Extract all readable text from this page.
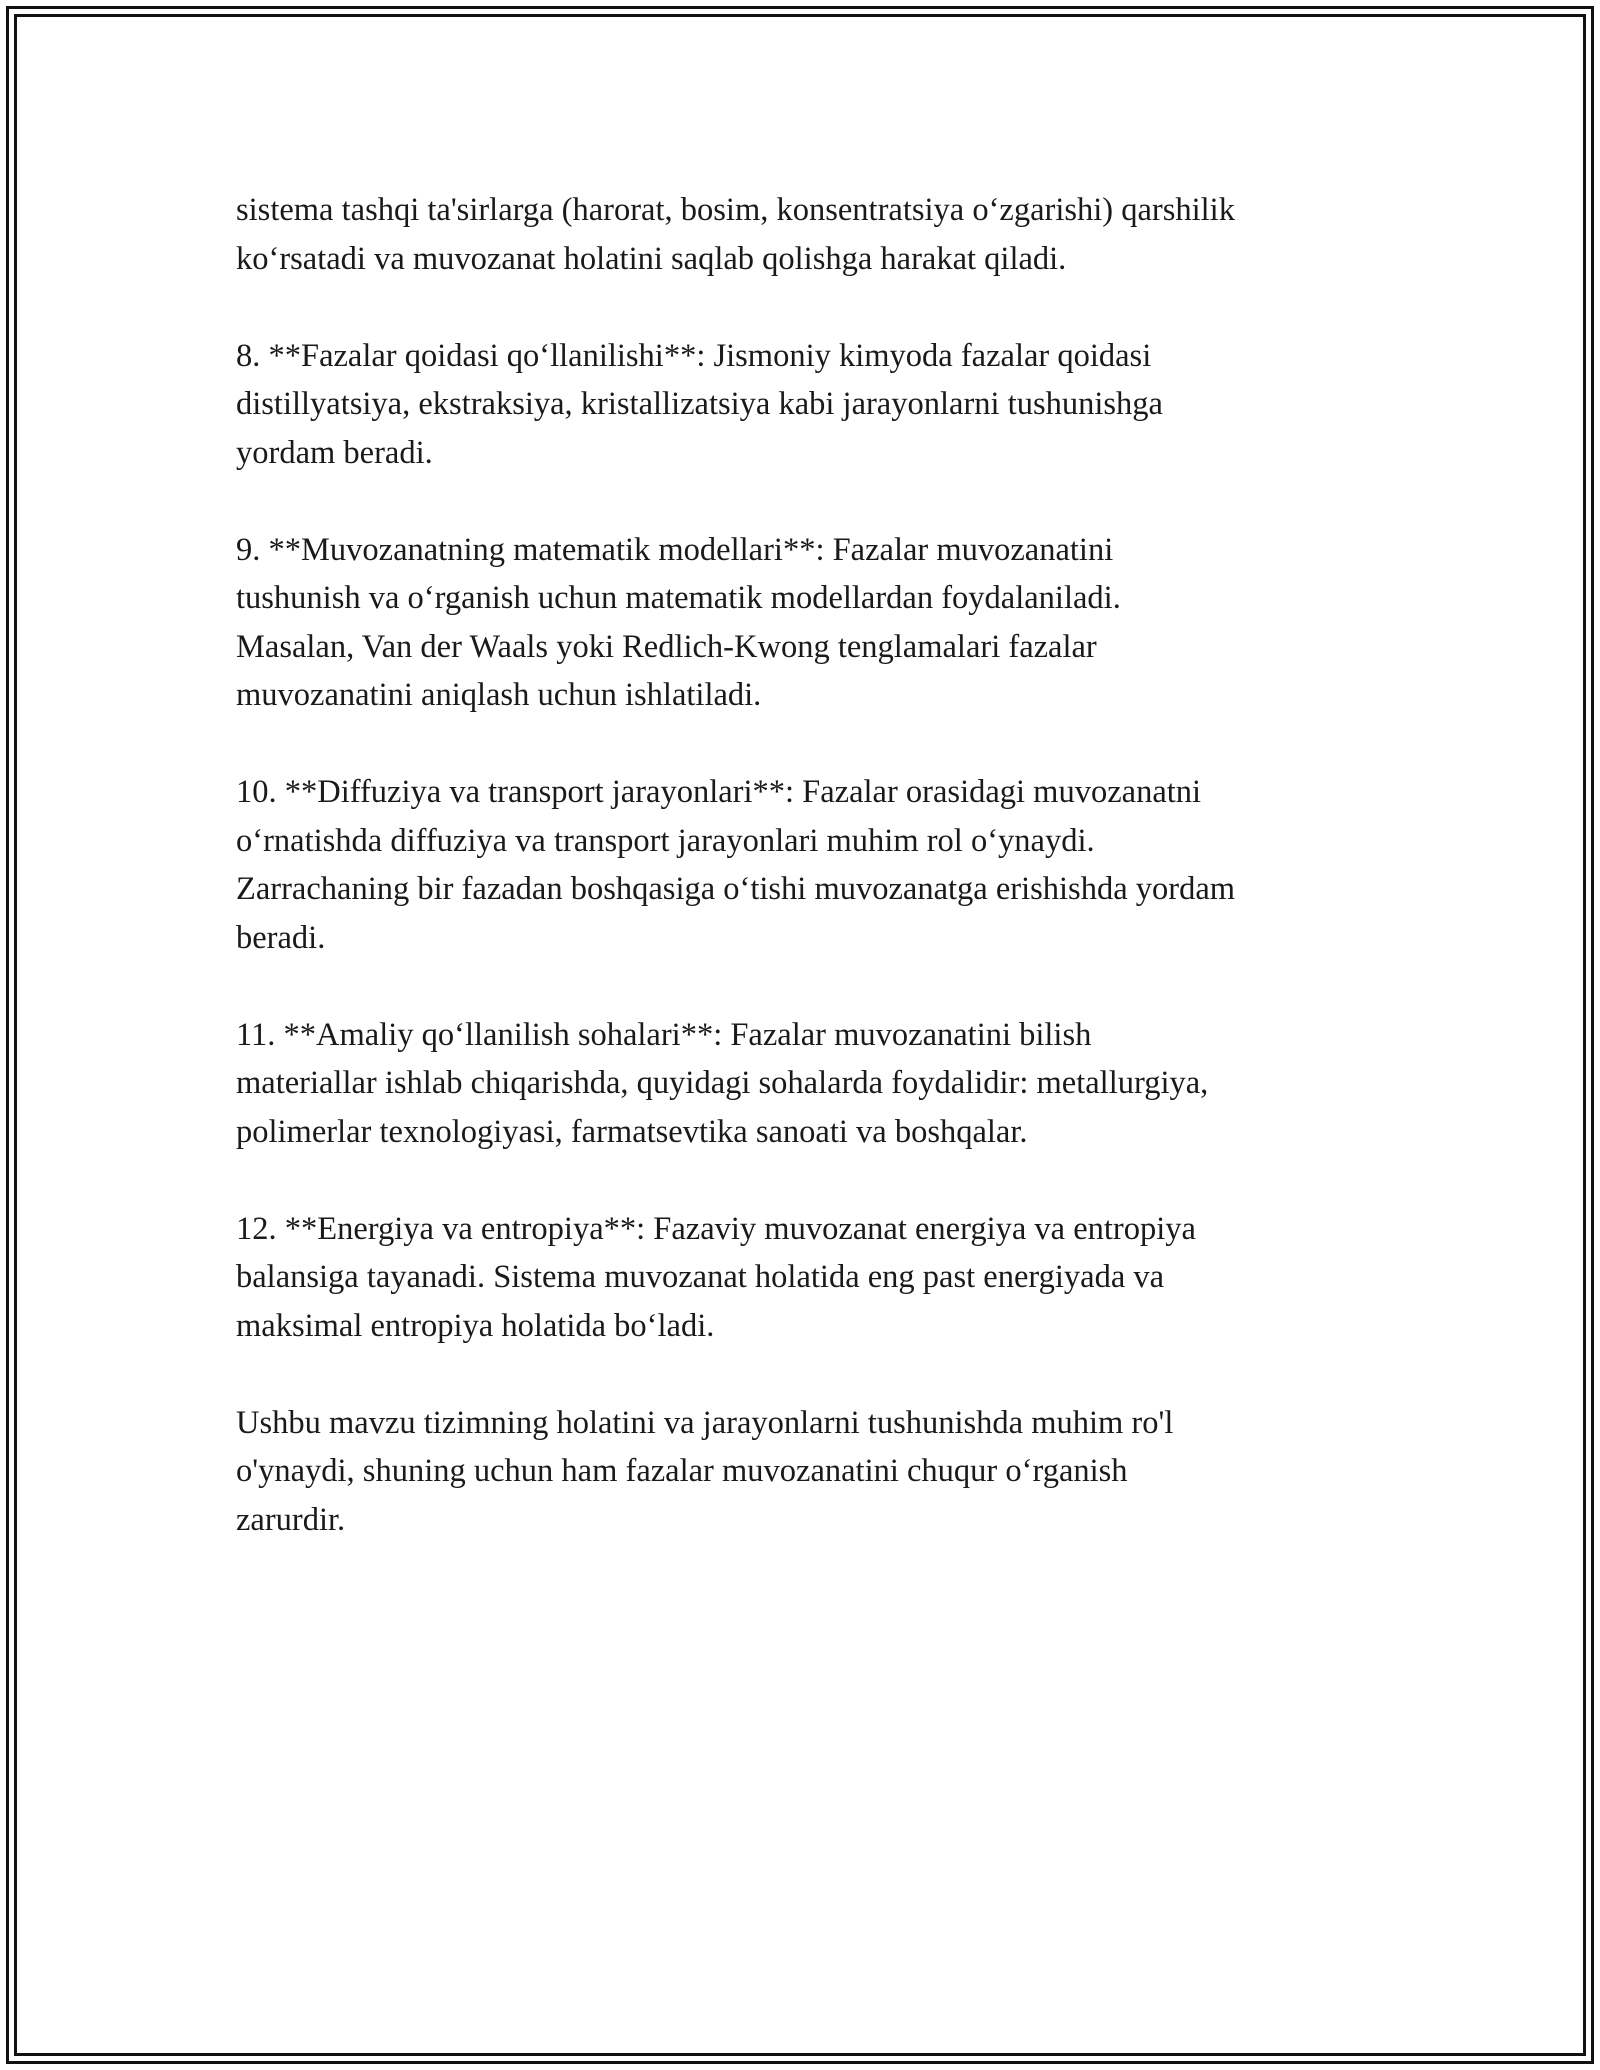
sistema tashqi ta'sirlarga (harorat, bosim, konsentratsiya o‘zgarishi) qarshilik
ko‘rsatadi va muvozanat holatini saqlab qolishga harakat qiladi.

8. **Fazalar qoidasi qo‘llanilishi**: Jismoniy kimyoda fazalar qoidasi
distillyatsiya, ekstraksiya, kristallizatsiya kabi jarayonlarni tushunishga
yordam beradi.

9. **Muvozanatning matematik modellari**: Fazalar muvozanatini
tushunish va o‘rganish uchun matematik modellardan foydalaniladi.
Masalan, Van der Waals yoki Redlich-Kwong tenglamalari fazalar
muvozanatini aniqlash uchun ishlatiladi.

10. **Diffuziya va transport jarayonlari**: Fazalar orasidagi muvozanatni
o‘rnatishda diffuziya va transport jarayonlari muhim rol o‘ynaydi.
Zarrachaning bir fazadan boshqasiga o‘tishi muvozanatga erishishda yordam
beradi.

11. **Amaliy qo‘llanilish sohalari**: Fazalar muvozanatini bilish
materiallar ishlab chiqarishda, quyidagi sohalarda foydalidir: metallurgiya,
polimerlar texnologiyasi, farmatsevtika sanoati va boshqalar.

12. **Energiya va entropiya**: Fazaviy muvozanat energiya va entropiya
balansiga tayanadi. Sistema muvozanat holatida eng past energiyada va
maksimal entropiya holatida bo‘ladi.

Ushbu mavzu tizimning holatini va jarayonlarni tushunishda muhim ro'l
o'ynaydi, shuning uchun ham fazalar muvozanatini chuqur o‘rganish
zarurdir.
